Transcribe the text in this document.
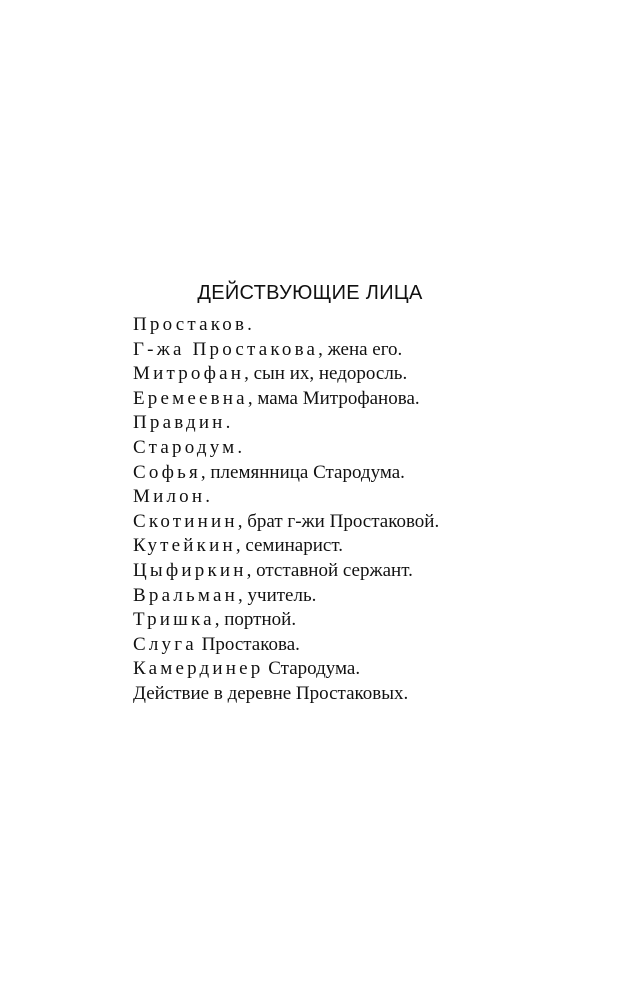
ДЕЙСТВУЮЩИЕ ЛИЦА
Простаков.
Г-жа Простакова, жена его.
Митрофан, сын их, недоросль.
Еремеевна, мама Митрофанова.
Правдин.
Стародум.
Софья, племянница Стародума.
Милон.
Скотинин, брат г-жи Простаковой.
Кутейкин, семинарист.
Цыфиркин, отставной сержант.
Вральман, учитель.
Тришка, портной.
Слуга Простакова.
Камердинер Стародума.
Действие в деревне Простаковых.
